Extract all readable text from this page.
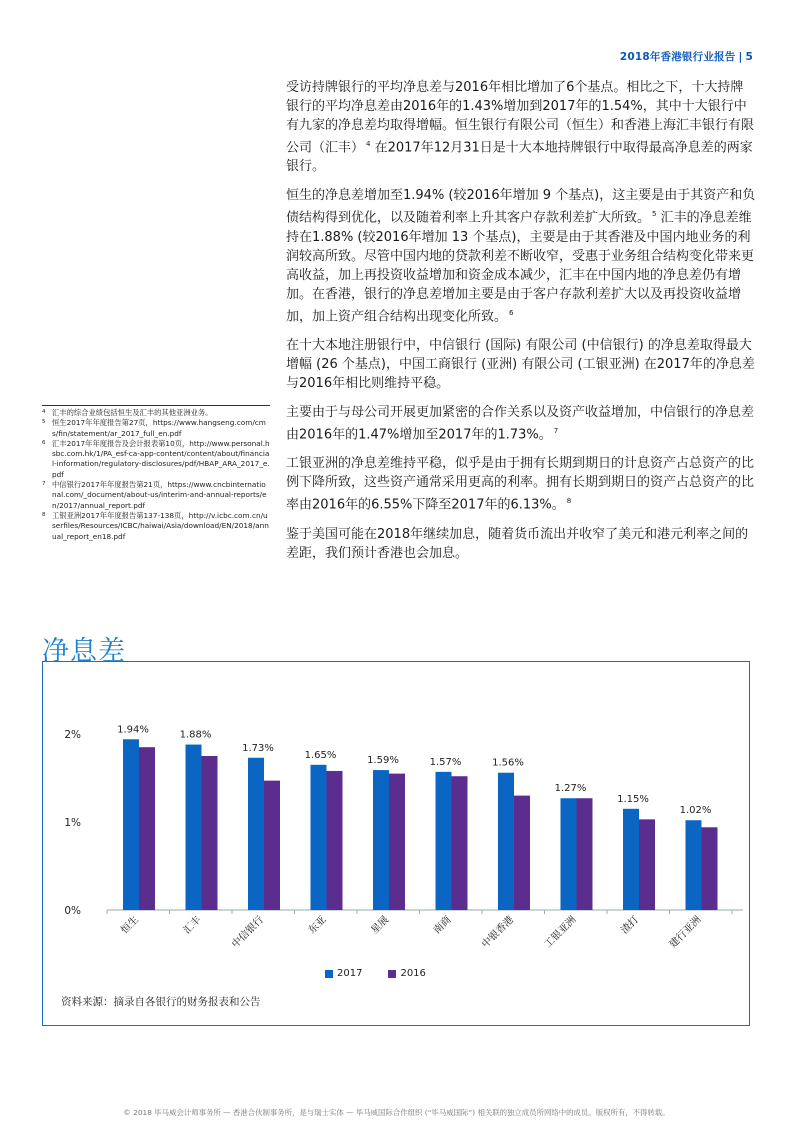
2018年香港银行业报告 | 5

受访持牌银行的平均净息差与2016年相比增加了6个基点。相比之下，十大持牌银行的平均净息差由2016年的1.43%增加到2017年的1.54%，其中十大银行中有九家的净息差均取得增幅。恒生银行有限公司（恒生）和香港上海汇丰银行有限公司（汇丰） $^4$ 在2017年12月31日是十大本地持牌银行中取得最高净息差的两家银行。

恒生的净息差增加至1.94% (较2016年增加 9 个基点)，这主要是由于其资产和负债结构得到优化，以及随着利率上升其客户存款利差扩大所致。 $^5$ 汇丰的净息差维持在1.88% (较2016年增加 13 个基点)，主要是由于其香港及中国内地业务的利润较高所致。尽管中国内地的贷款利差不断收窄，受惠于业务组合结构变化带来更高收益，加上再投资收益增加和资金成本减少，汇丰在中国内地的净息差仍有增加。在香港，银行的净息差增加主要是由于客户存款利差扩大以及再投资收益增加，加上资产组合结构出现变化所致。 $^6$

在十大本地注册银行中，中信银行 (国际) 有限公司 (中信银行) 的净息差取得最大增幅 (26 个基点)，中国工商银行 (亚洲) 有限公司 (工银亚洲) 在2017年的净息差与2016年相比则维持平稳。

主要由于与母公司开展更加紧密的合作关系以及资产收益增加，中信银行的净息差由2016年的1.47%增加至2017年的1.73%。 $^7$

工银亚洲的净息差维持平稳，似乎是由于拥有长期到期日的计息资产占总资产的比例下降所致，这些资产通常采用更高的利率。拥有长期到期日的资产占总资产的比率由2016年的6.55%下降至2017年的6.13%。 $^8$

鉴于美国可能在2018年继续加息，随着货币流出并收窄了美元和港元利率之间的差距，我们预计香港也会加息。

4 汇丰的综合业绩包括恒生及汇丰的其他亚洲业务。
5 恒生2017年年度报告第27页，https://www.hangseng.com/cms/fin/statement/ar_2017_full_en.pdf
6 汇丰2017年年度报告及会计报表第10页，http://www.personal.hsbc.com.hk/1/PA_esf-ca-app-content/content/about/financial-information/regulatory-disclosures/pdf/HBAP_ARA_2017_e.pdf
7 中信银行2017年年度报告第21页，https://www.cncbinternational.com/_document/about-us/interim-and-annual-reports/en/2017/annual_report.pdf
8 工银亚洲2017年年度报告第137-138页，http://v.icbc.com.cn/userfiles/Resources/ICBC/haiwai/Asia/download/EN/2018/annual_report_en18.pdf
净息差
0%
1%
2%	1.94%
恒生
1.88%
汇丰
1.73%
中信银行
1.65%
东亚
1.59%
星展
1.57%
南商
1.56%
中银香港
1.27%
工银亚洲
1.15%
渣打
1.02%
建行亚洲
2017	2016
资料来源：摘录自各银行的财务报表和公告
© 2018 毕马威会计师事务所 — 香港合伙制事务所，是与瑞士实体 — 毕马威国际合作组织 (“毕马威国际”) 相关联的独立成员所网络中的成员。版权所有，不得转载。
